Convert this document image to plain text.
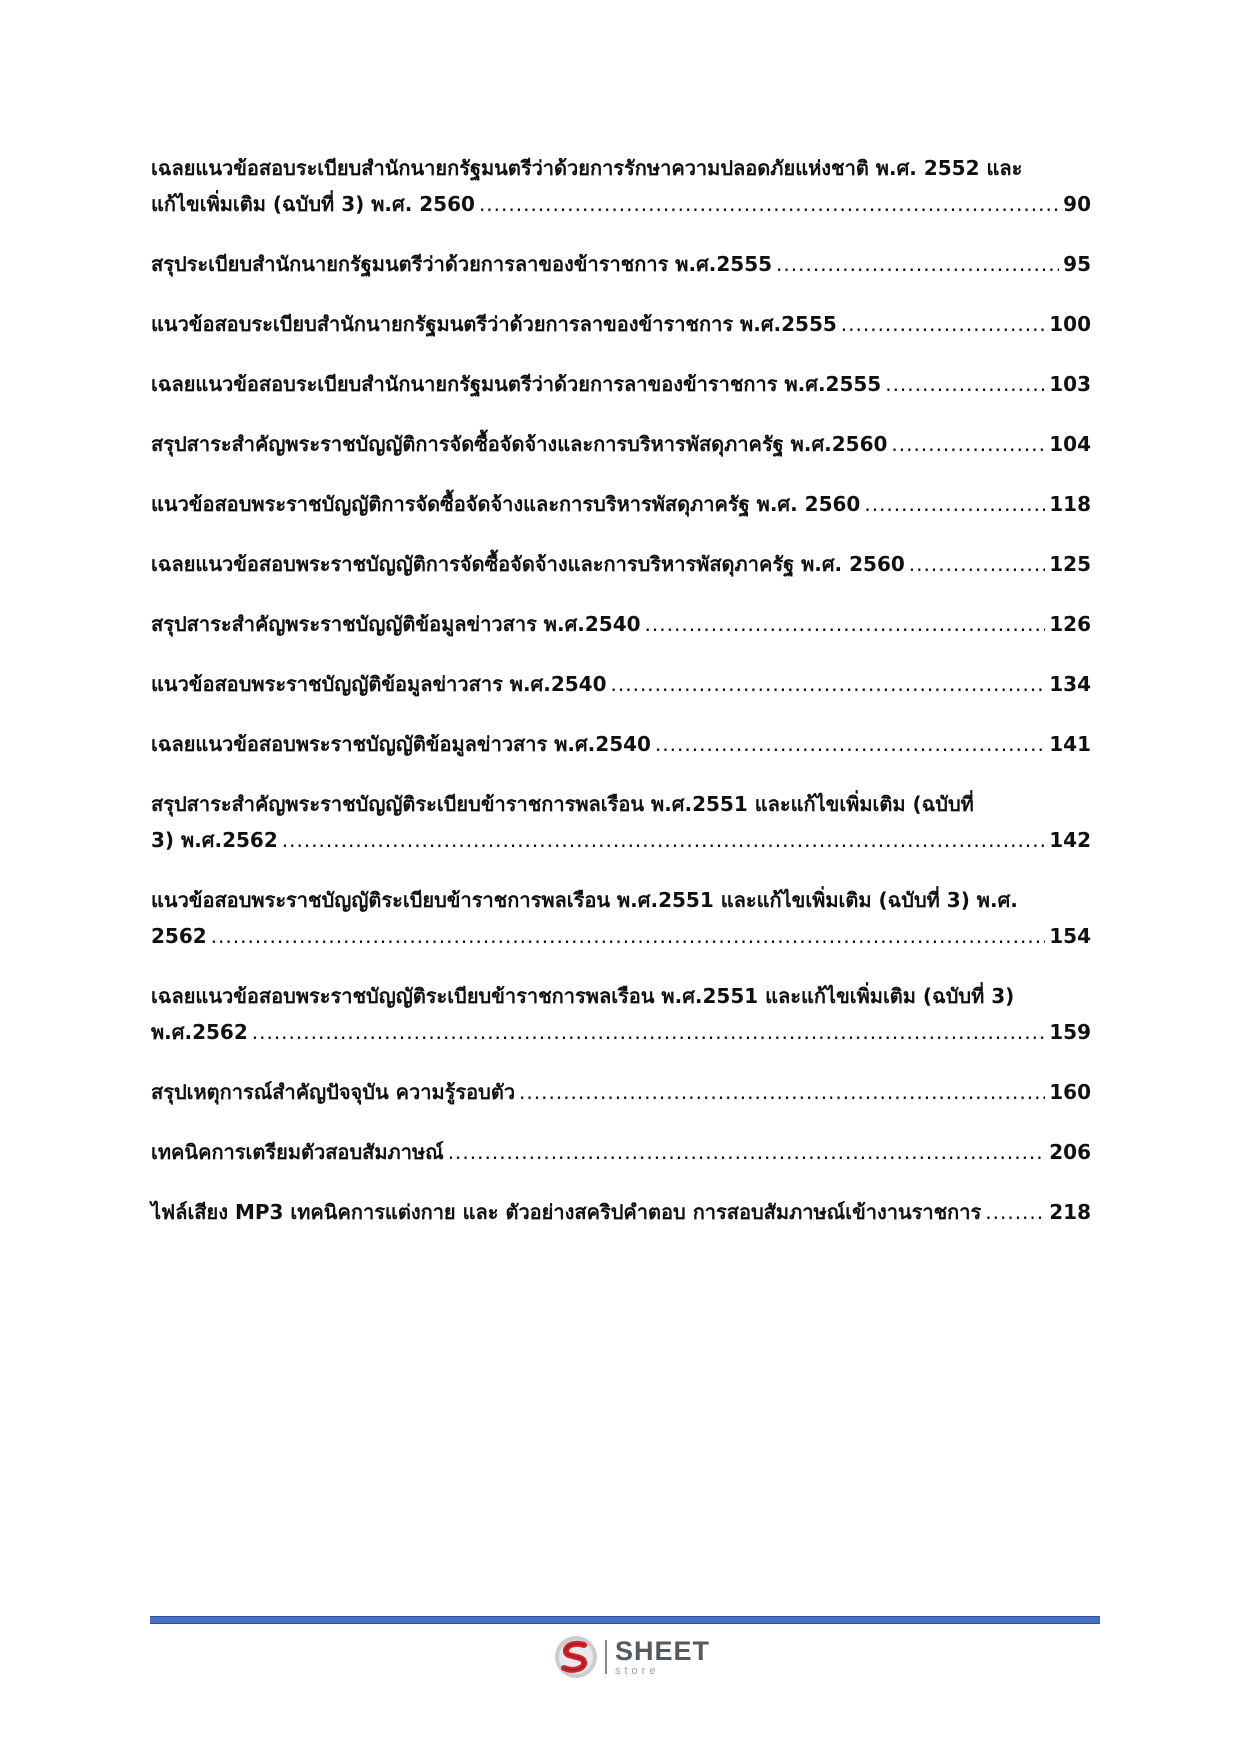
เฉลยแนวข้อสอบระเบียบสำนักนายกรัฐมนตรีว่าด้วยการรักษาความปลอดภัยแห่งชาติ พ.ศ. 2552 และ
แก้ไขเพิ่มเติม (ฉบับที่ 3) พ.ศ. 2560 .....	90
สรุประเบียบสำนักนายกรัฐมนตรีว่าด้วยการลาของข้าราชการ พ.ศ.2555 .....	95
แนวข้อสอบระเบียบสำนักนายกรัฐมนตรีว่าด้วยการลาของข้าราชการ พ.ศ.2555 .....	100
เฉลยแนวข้อสอบระเบียบสำนักนายกรัฐมนตรีว่าด้วยการลาของข้าราชการ พ.ศ.2555 .....	103
สรุปสาระสำคัญพระราชบัญญัติการจัดซื้อจัดจ้างและการบริหารพัสดุภาครัฐ พ.ศ.2560 .....	104
แนวข้อสอบพระราชบัญญัติการจัดซื้อจัดจ้างและการบริหารพัสดุภาครัฐ พ.ศ. 2560 .....	118
เฉลยแนวข้อสอบพระราชบัญญัติการจัดซื้อจัดจ้างและการบริหารพัสดุภาครัฐ พ.ศ. 2560 .....	125
สรุปสาระสำคัญพระราชบัญญัติข้อมูลข่าวสาร พ.ศ.2540 .....	126
แนวข้อสอบพระราชบัญญัติข้อมูลข่าวสาร พ.ศ.2540 .....	134
เฉลยแนวข้อสอบพระราชบัญญัติข้อมูลข่าวสาร พ.ศ.2540 .....	141
สรุปสาระสำคัญพระราชบัญญัติระเบียบข้าราชการพลเรือน พ.ศ.2551 และแก้ไขเพิ่มเติม (ฉบับที่
3) พ.ศ.2562 .....	142
แนวข้อสอบพระราชบัญญัติระเบียบข้าราชการพลเรือน พ.ศ.2551 และแก้ไขเพิ่มเติม (ฉบับที่ 3) พ.ศ.
2562 .....	154
เฉลยแนวข้อสอบพระราชบัญญัติระเบียบข้าราชการพลเรือน พ.ศ.2551 และแก้ไขเพิ่มเติม (ฉบับที่ 3)
พ.ศ.2562 .....	159
สรุปเหตุการณ์สำคัญปัจจุบัน ความรู้รอบตัว .....	160
เทคนิคการเตรียมตัวสอบสัมภาษณ์ .....	206
ไฟล์เสียง MP3 เทคนิคการแต่งกาย และ ตัวอย่างสคริปคำตอบ การสอบสัมภาษณ์เข้างานราชการ .....	218
SHEET
store
